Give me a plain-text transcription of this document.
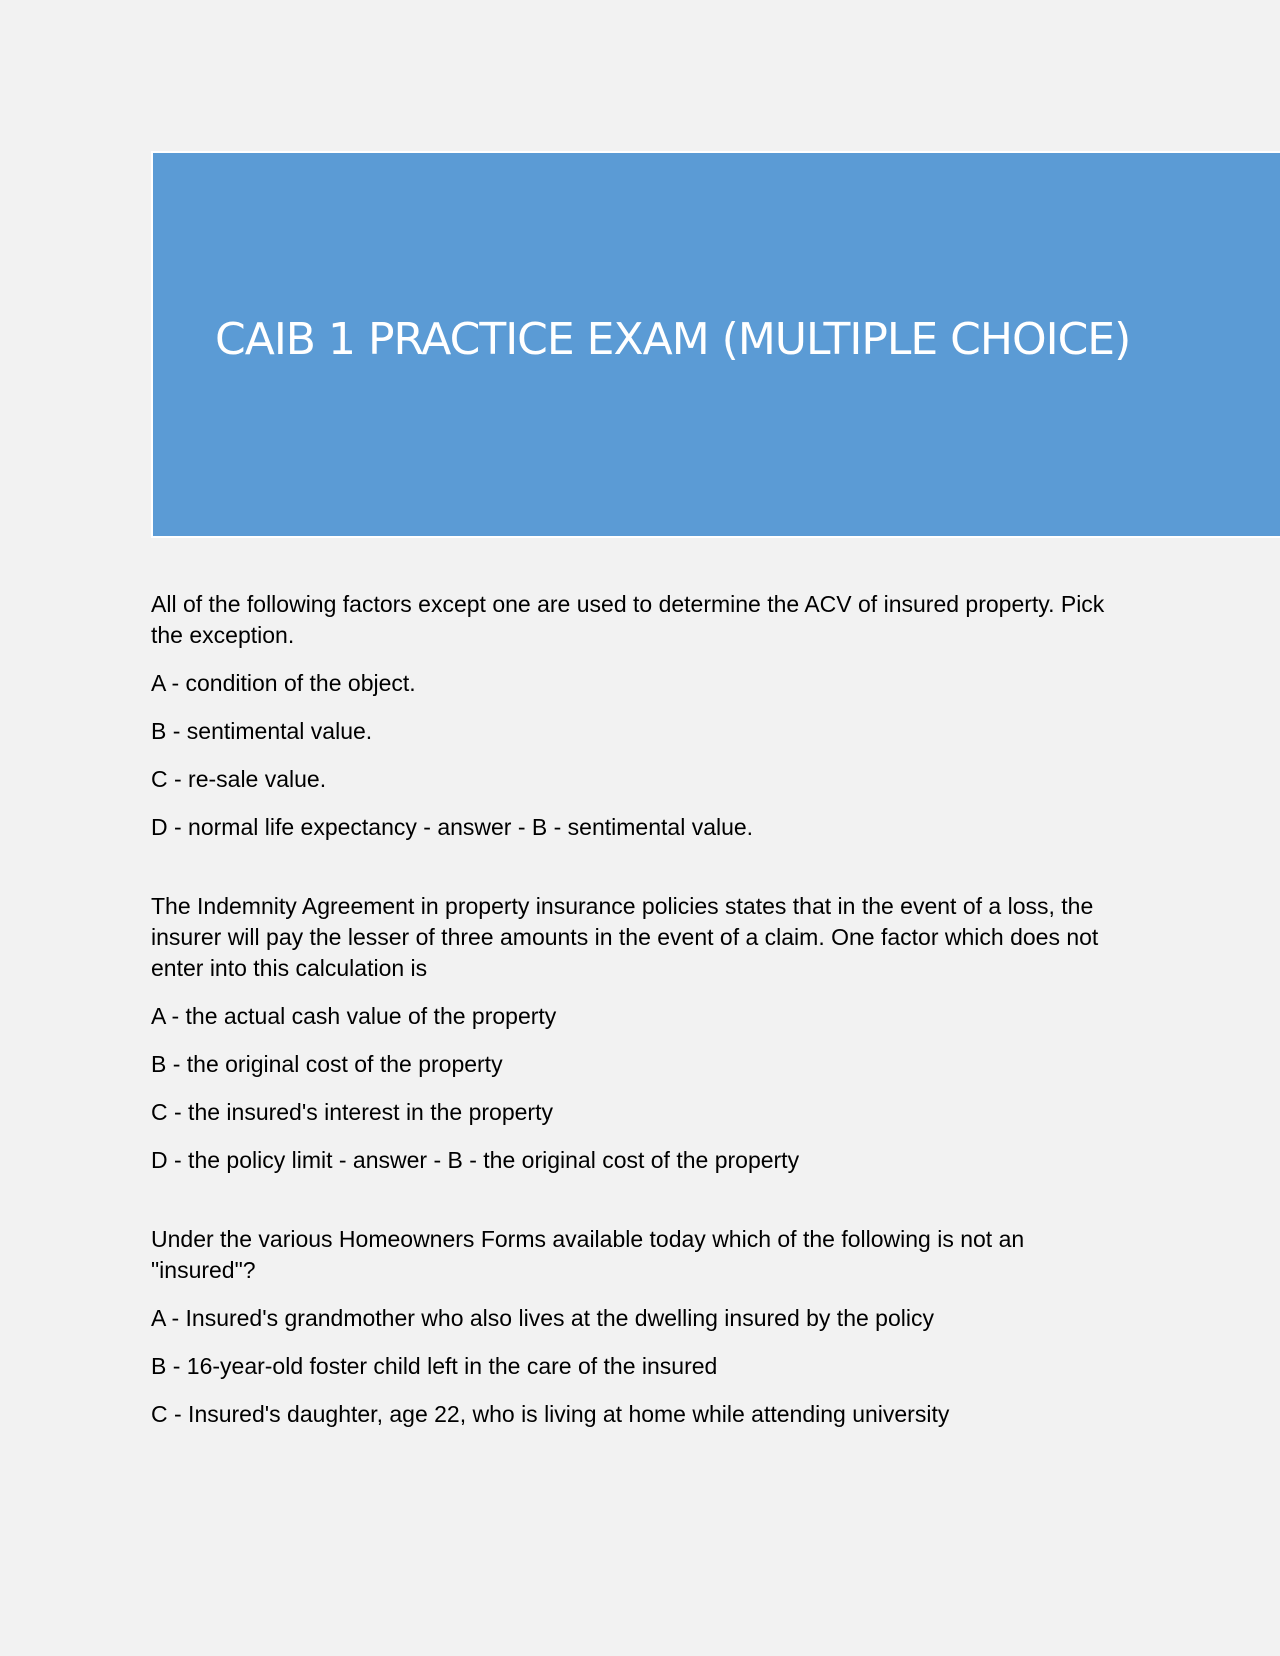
CAIB 1 PRACTICE EXAM (MULTIPLE CHOICE)

All of the following factors except one are used to determine the ACV of insured property. Pick the exception.

A - condition of the object.

B - sentimental value.

C - re-sale value.

D - normal life expectancy - answer - B - sentimental value.

The Indemnity Agreement in property insurance policies states that in the event of a loss, the insurer will pay the lesser of three amounts in the event of a claim. One factor which does not enter into this calculation is

A - the actual cash value of the property

B - the original cost of the property

C - the insured's interest in the property

D - the policy limit - answer - B - the original cost of the property

Under the various Homeowners Forms available today which of the following is not an "insured"?

A - Insured's grandmother who also lives at the dwelling insured by the policy

B - 16-year-old foster child left in the care of the insured

C - Insured's daughter, age 22, who is living at home while attending university
